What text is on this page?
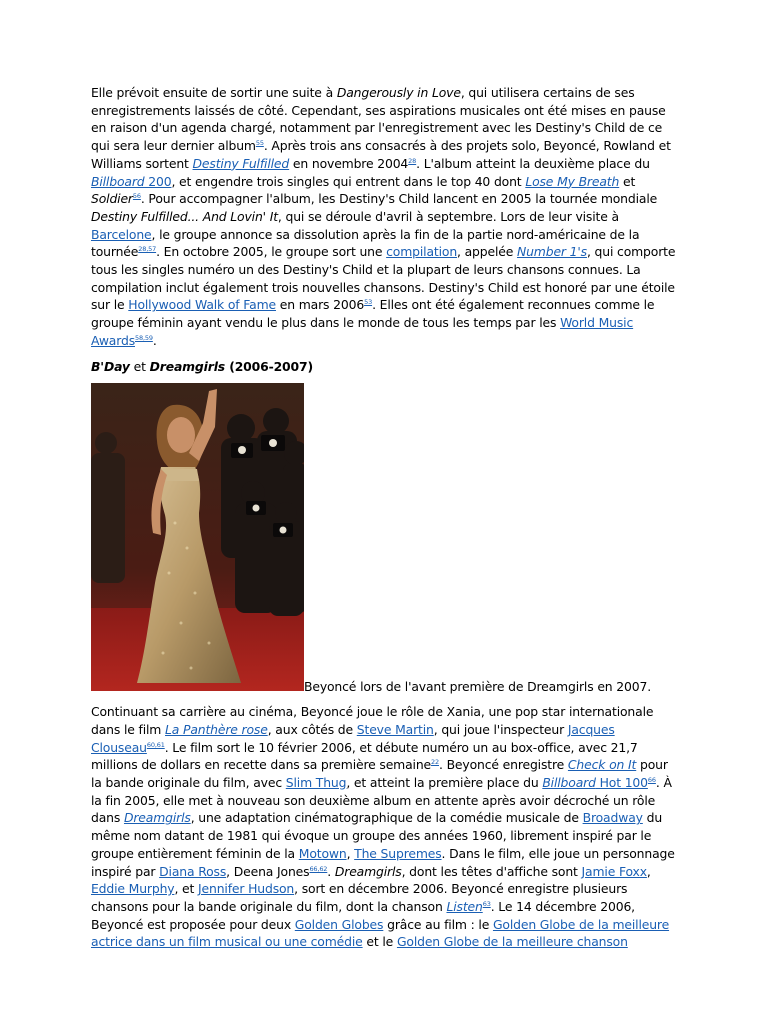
Elle prévoit ensuite de sortir une suite à Dangerously in Love, qui utilisera certains de ses enregistrements laissés de côté. Cependant, ses aspirations musicales ont été mises en pause en raison d'un agenda chargé, notamment par l'enregistrement avec les Destiny's Child de ce qui sera leur dernier album$^{55}$. Après trois ans consacrés à des projets solo, Beyoncé, Rowland et Williams sortent Destiny Fulfilled en novembre 2004$^{28}$. L'album atteint la deuxième place du Billboard 200, et engendre trois singles qui entrent dans le top 40 dont Lose My Breath et Soldier$^{56}$. Pour accompagner l'album, les Destiny's Child lancent en 2005 la tournée mondiale Destiny Fulfilled... And Lovin' It, qui se déroule d'avril à septembre. Lors de leur visite à Barcelone, le groupe annonce sa dissolution après la fin de la partie nord-américaine de la tournée$^{28,57}$. En octobre 2005, le groupe sort une compilation, appelée Number 1's, qui comporte tous les singles numéro un des Destiny's Child et la plupart de leurs chansons connues. La compilation inclut également trois nouvelles chansons. Destiny's Child est honoré par une étoile sur le Hollywood Walk of Fame en mars 2006$^{53}$. Elles ont été également reconnues comme le groupe féminin ayant vendu le plus dans le monde de tous les temps par les World Music Awards$^{58,59}$.

B'Day et Dreamgirls (2006-2007)
Beyoncé lors de l'avant première de Dreamgirls en 2007.

Continuant sa carrière au cinéma, Beyoncé joue le rôle de Xania, une pop star internationale dans le film La Panthère rose, aux côtés de Steve Martin, qui joue l'inspecteur Jacques Clouseau$^{60,61}$. Le film sort le 10 février 2006, et débute numéro un au box-office, avec 21,7 millions de dollars en recette dans sa première semaine$^{22}$. Beyoncé enregistre Check on It pour la bande originale du film, avec Slim Thug, et atteint la première place du Billboard Hot 100$^{66}$. À la fin 2005, elle met à nouveau son deuxième album en attente après avoir décroché un rôle dans Dreamgirls, une adaptation cinématographique de la comédie musicale de Broadway du même nom datant de 1981 qui évoque un groupe des années 1960, librement inspiré par le groupe entièrement féminin de la Motown, The Supremes. Dans le film, elle joue un personnage inspiré par Diana Ross, Deena Jones$^{66,62}$. Dreamgirls, dont les têtes d'affiche sont Jamie Foxx, Eddie Murphy, et Jennifer Hudson, sort en décembre 2006. Beyoncé enregistre plusieurs chansons pour la bande originale du film, dont la chanson Listen$^{63}$. Le 14 décembre 2006, Beyoncé est proposée pour deux Golden Globes grâce au film : le Golden Globe de la meilleure actrice dans un film musical ou une comédie et le Golden Globe de la meilleure chanson
